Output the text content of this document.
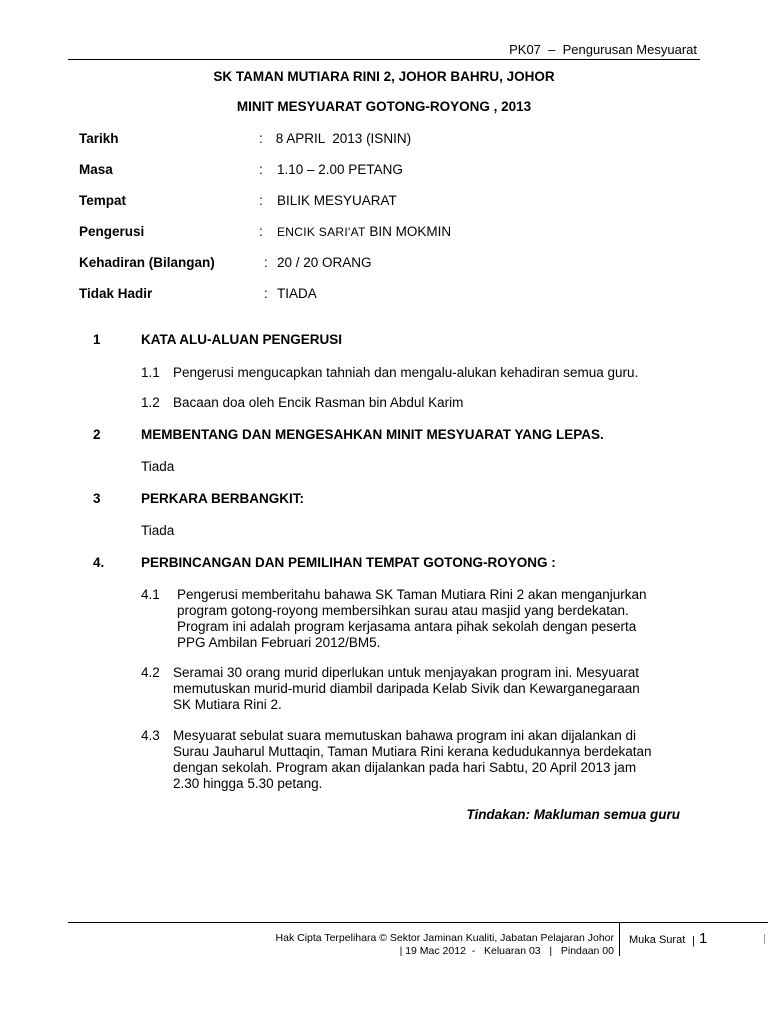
PK07  –  Pengurusan Mesyuarat
SK TAMAN MUTIARA RINI 2, JOHOR BAHRU, JOHOR
MINIT MESYUARAT GOTONG-ROYONG , 2013
Tarikh	: 8 APRIL  2013 (ISNIN)
Masa	: 1.10 – 2.00 PETANG
Tempat	: BILIK MESYUARAT
Pengerusi	: ENCIK SARI'AT BIN MOKMIN
Kehadiran (Bilangan)	: 20 / 20 ORANG
Tidak Hadir	: TIADA
1	KATA ALU-ALUAN PENGERUSI
1.1 Pengerusi mengucapkan tahniah dan mengalu-alukan kehadiran semua guru.
1.2 Bacaan doa oleh Encik Rasman bin Abdul Karim
2	MEMBENTANG DAN MENGESAHKAN MINIT MESYUARAT YANG LEPAS.
Tiada
3	PERKARA BERBANGKIT:
Tiada
4.	PERBINCANGAN DAN PEMILIHAN TEMPAT GOTONG-ROYONG :
4.1 Pengerusi memberitahu bahawa SK Taman Mutiara Rini 2 akan menganjurkan
program gotong-royong membersihkan surau atau masjid yang berdekatan.
Program ini adalah program kerjasama antara pihak sekolah dengan peserta
PPG Ambilan Februari 2012/BM5.
4.2 Seramai 30 orang murid diperlukan untuk menjayakan program ini. Mesyuarat
memutuskan murid-murid diambil daripada Kelab Sivik dan Kewarganegaraan
SK Mutiara Rini 2.
4.3 Mesyuarat sebulat suara memutuskan bahawa program ini akan dijalankan di
Surau Jauharul Muttaqin, Taman Mutiara Rini kerana kedudukannya berdekatan
dengan sekolah. Program akan dijalankan pada hari Sabtu, 20 April 2013 jam
2.30 hingga 5.30 petang.
Tindakan: Makluman semua guru
Hak Cipta Terpelihara © Sektor Jaminan Kualiti, Jabatan Pelajaran Johor
| 19 Mac 2012  -   Keluaran 03   |   Pindaan 00
Muka Surat | 1
